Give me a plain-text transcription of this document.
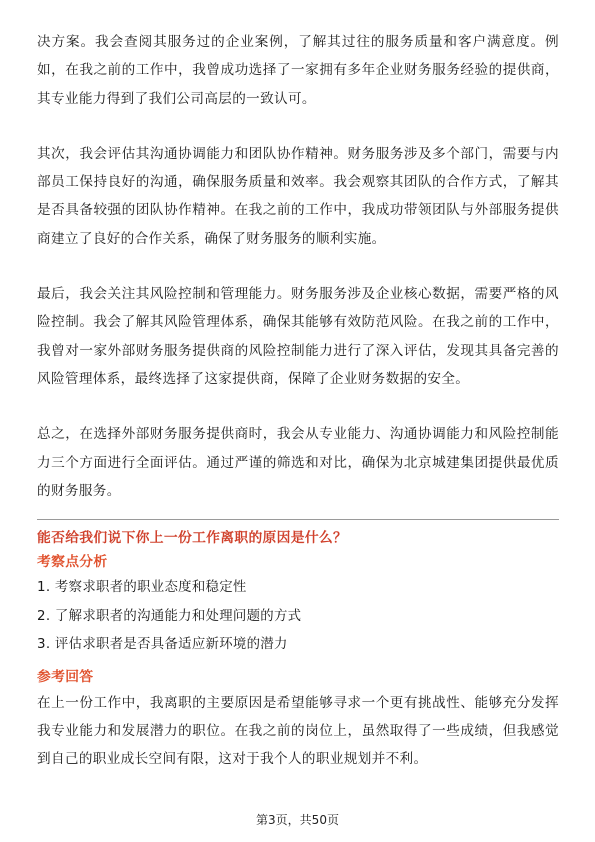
决方案。我会查阅其服务过的企业案例，了解其过往的服务质量和客户满意度。例如，在我之前的工作中，我曾成功选择了一家拥有多年企业财务服务经验的提供商，其专业能力得到了我们公司高层的一致认可。

其次，我会评估其沟通协调能力和团队协作精神。财务服务涉及多个部门，需要与内部员工保持良好的沟通，确保服务质量和效率。我会观察其团队的合作方式，了解其是否具备较强的团队协作精神。在我之前的工作中，我成功带领团队与外部服务提供商建立了良好的合作关系，确保了财务服务的顺利实施。

最后，我会关注其风险控制和管理能力。财务服务涉及企业核心数据，需要严格的风险控制。我会了解其风险管理体系，确保其能够有效防范风险。在我之前的工作中，我曾对一家外部财务服务提供商的风险控制能力进行了深入评估，发现其具备完善的风险管理体系，最终选择了这家提供商，保障了企业财务数据的安全。

总之，在选择外部财务服务提供商时，我会从专业能力、沟通协调能力和风险控制能力三个方面进行全面评估。通过严谨的筛选和对比，确保为北京城建集团提供最优质的财务服务。

能否给我们说下你上一份工作离职的原因是什么？

考察点分析

1. 考察求职者的职业态度和稳定性

2. 了解求职者的沟通能力和处理问题的方式

3. 评估求职者是否具备适应新环境的潜力

参考回答

在上一份工作中，我离职的主要原因是希望能够寻求一个更有挑战性、能够充分发挥我专业能力和发展潜力的职位。在我之前的岗位上，虽然取得了一些成绩，但我感觉到自己的职业成长空间有限，这对于我个人的职业规划并不利。

第3页，共50页
